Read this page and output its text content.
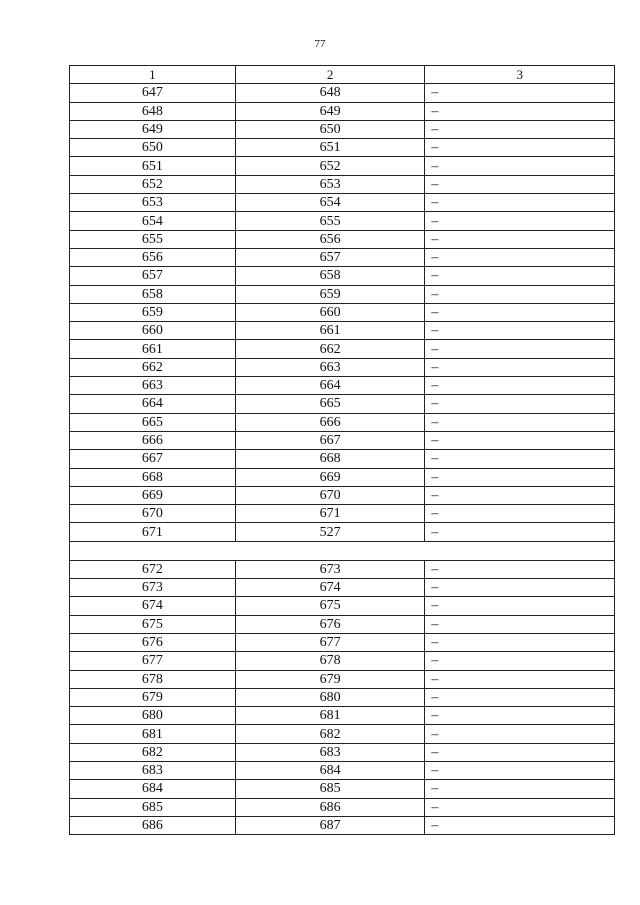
77
1	2	3
647	648	–
648	649	–
649	650	–
650	651	–
651	652	–
652	653	–
653	654	–
654	655	–
655	656	–
656	657	–
657	658	–
658	659	–
659	660	–
660	661	–
661	662	–
662	663	–
663	664	–
664	665	–
665	666	–
666	667	–
667	668	–
668	669	–
669	670	–
670	671	–
671	527	–

672	673	–
673	674	–
674	675	–
675	676	–
676	677	–
677	678	–
678	679	–
679	680	–
680	681	–
681	682	–
682	683	–
683	684	–
684	685	–
685	686	–
686	687	–
